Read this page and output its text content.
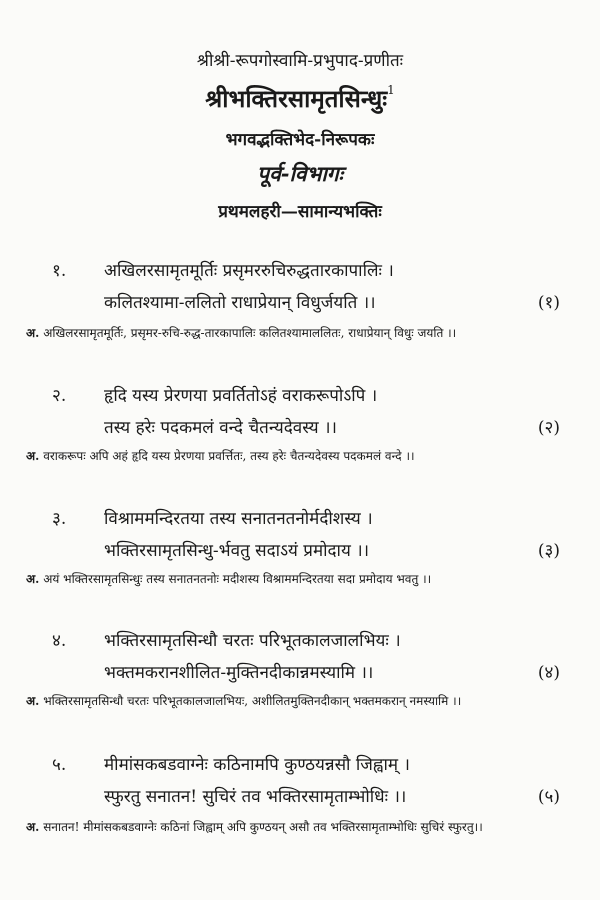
श्रीश्री-रूपगोस्वामि-प्रभुपाद-प्रणीतः
श्रीभक्तिरसामृतसिन्धुः$^1$
भगवद्भक्तिभेद-निरूपकः
पूर्व-विभागः
प्रथमलहरी—सामान्यभक्तिः
१. अखिलरसामृतमूर्तिः प्रसृमररुचिरुद्धतारकापालिः ।
कलितश्यामा-ललितो राधाप्रेयान् विधुर्जयति ।।	(१)
अ. अखिलरसामृतमूर्तिः, प्रसृमर-रुचि-रुद्ध-तारकापालिः कलितश्यामाललितः, राधाप्रेयान् विधुः जयति ।।
२. हृदि यस्य प्रेरणया प्रवर्तितोऽहं वराकरूपोऽपि ।
तस्य हरेः पदकमलं वन्दे चैतन्यदेवस्य ।।	(२)
अ. वराकरूपः अपि अहं हृदि यस्य प्रेरणया प्रवर्त्तितः, तस्य हरेः चैतन्यदेवस्य पदकमलं वन्दे ।।
३. विश्राममन्दिरतया तस्य सनातनतनोर्मदीशस्य ।
भक्तिरसामृतसिन्धु-र्भवतु सदाऽयं प्रमोदाय ।।	(३)
अ. अयं भक्तिरसामृतसिन्धुः तस्य सनातनतनोः मदीशस्य विश्राममन्दिरतया सदा प्रमोदाय भवतु ।।
४. भक्तिरसामृतसिन्धौ चरतः परिभूतकालजालभियः ।
भक्तमकरानशीलित-मुक्तिनदीकान्नमस्यामि ।।	(४)
अ. भक्तिरसामृतसिन्धौ चरतः परिभूतकालजालभियः, अशीलितमुक्तिनदीकान् भक्तमकरान् नमस्यामि ।।
५. मीमांसकबडवाग्नेः कठिनामपि कुण्ठयन्नसौ जिह्वाम् ।
स्फुरतु सनातन! सुचिरं तव भक्तिरसामृताम्भोधिः ।।	(५)
अ. सनातन! मीमांसकबडवाग्नेः कठिनां जिह्वाम् अपि कुण्ठयन् असौ तव भक्तिरसामृताम्भोधिः सुचिरं स्फुरतु।।
